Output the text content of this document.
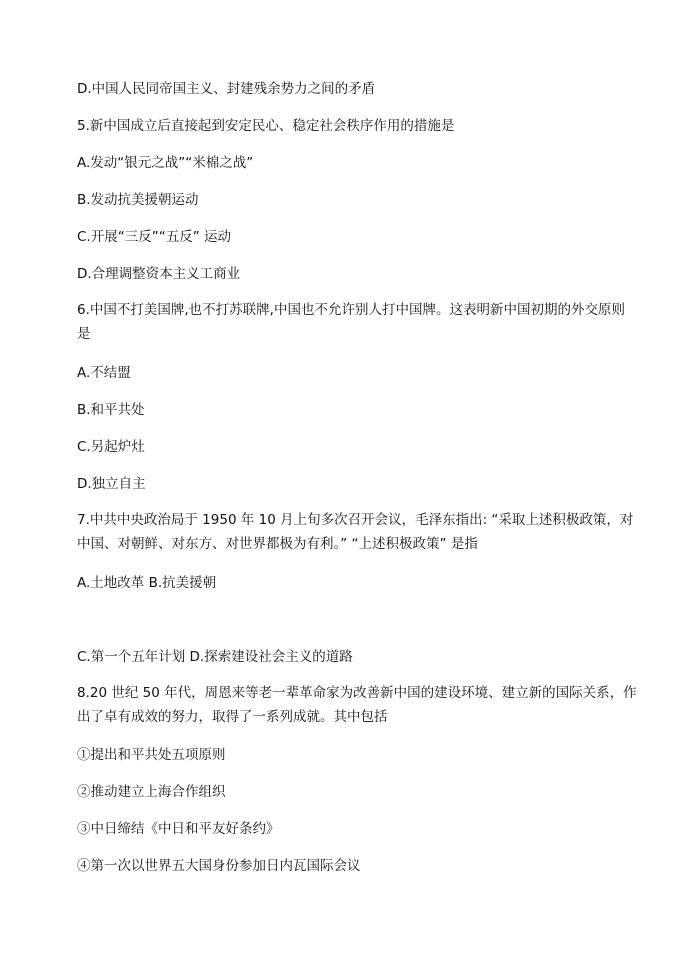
D.中国人民同帝国主义、封建残余势力之间的矛盾
5.新中国成立后直接起到安定民心、稳定社会秩序作用的措施是
A.发动“银元之战”“米棉之战”
B.发动抗美援朝运动
C.开展“三反”“五反” 运动
D.合理调整资本主义工商业
6.中国不打美国牌,也不打苏联牌,中国也不允许别人打中国牌。这表明新中国初期的外交原则是
A.不结盟
B.和平共处
C.另起炉灶
D.独立自主
7.中共中央政治局于 1950 年 10 月上旬多次召开会议，毛泽东指出: “采取上述积极政策，对中国、对朝鲜、对东方、对世界都极为有利。” “上述积极政策” 是指
A.土地改革 B.抗美援朝
C.第一个五年计划 D.探索建设社会主义的道路
8.20 世纪 50 年代，周恩来等老一辈革命家为改善新中国的建设环境、建立新的国际关系，作出了卓有成效的努力，取得了一系列成就。其中包括
①提出和平共处五项原则
②推动建立上海合作组织
③中日缔结《中日和平友好条约》
④第一次以世界五大国身份参加日内瓦国际会议
